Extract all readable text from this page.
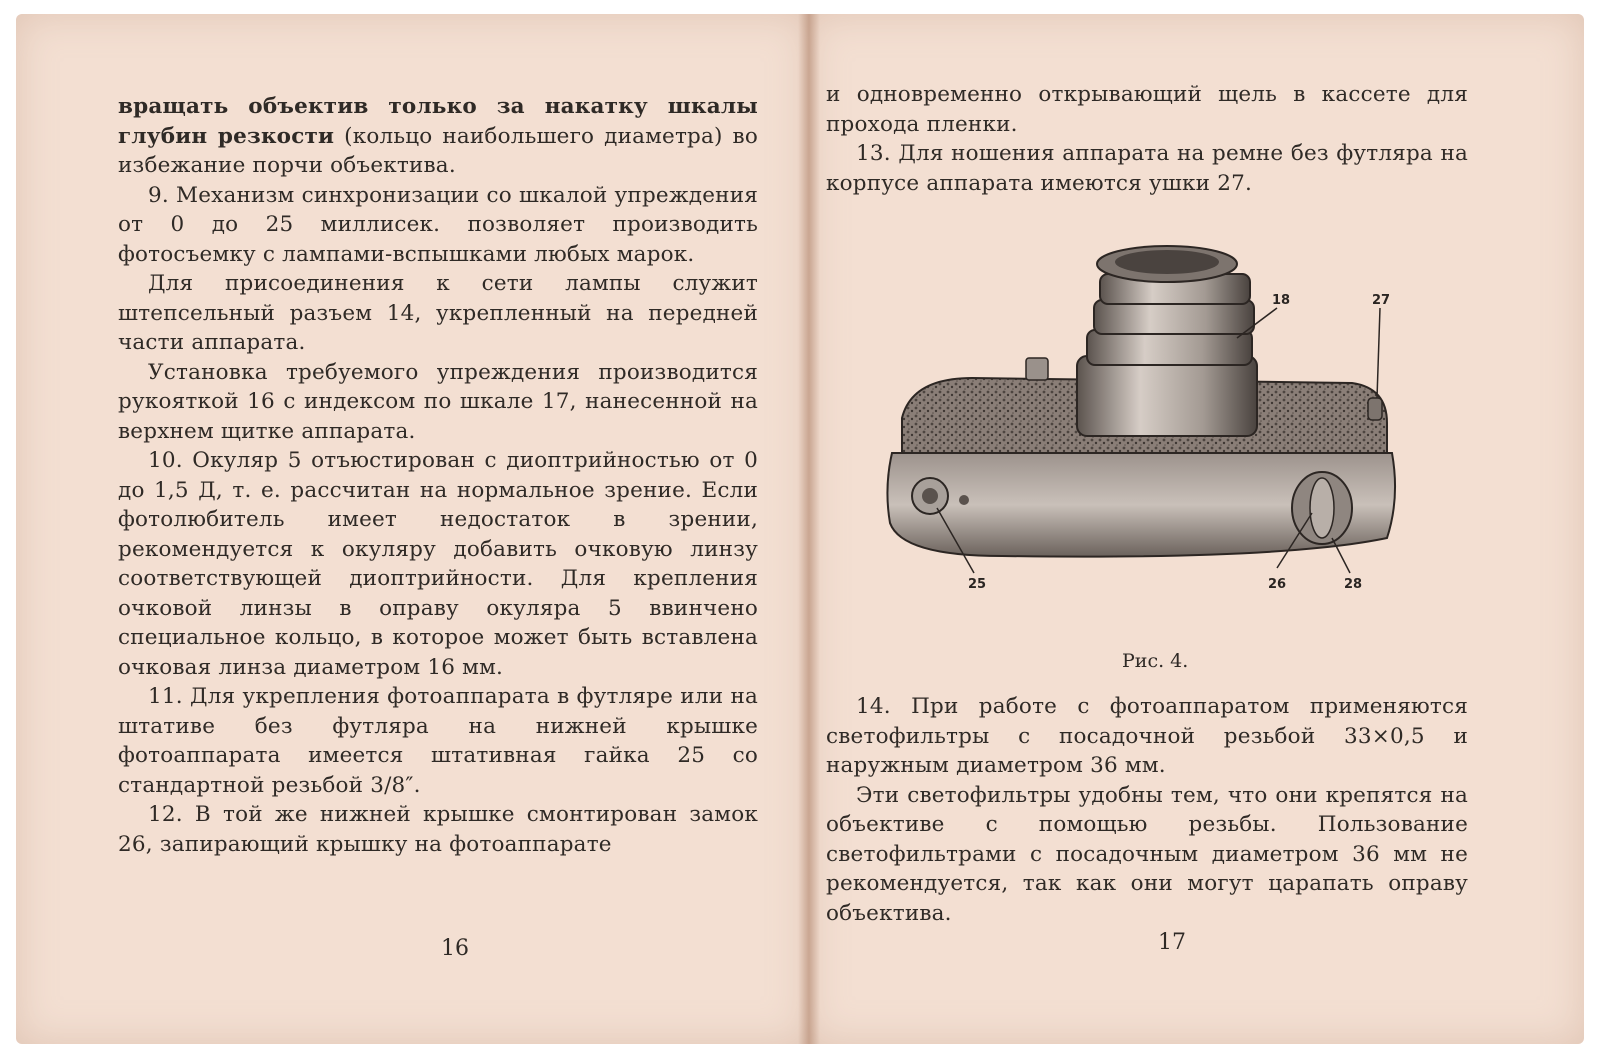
вращать объектив только за накатку шкалы глубин резкости (кольцо наибольшего диаметра) во избежание порчи объектива.

9. Механизм синхронизации со шкалой упреждения от 0 до 25 миллисек. позволяет производить фотосъемку с лампами-вспышками любых марок.

Для присоединения к сети лампы служит штепсельный разъем 14, укрепленный на передней части аппарата.

Установка требуемого упреждения производится рукояткой 16 с индексом по шкале 17, нанесенной на верхнем щитке аппарата.

10. Окуляр 5 отъюстирован с диоптрийностью от 0 до 1,5 Д, т. е. рассчитан на нормальное зрение. Если фотолюбитель имеет недостаток в зрении, рекомендуется к окуляру добавить очковую линзу соответствующей диоптрийности. Для крепления очковой линзы в оправу окуляра 5 ввинчено специальное кольцо, в которое может быть вставлена очковая линза диаметром 16 мм.

11. Для укрепления фотоаппарата в футляре или на штативе без футляра на нижней крышке фотоаппарата имеется штативная гайка 25 со стандартной резьбой 3/8″.

12. В той же нижней крышке смонтирован замок 26, запирающий крышку на фотоаппарате

16

и одновременно открывающий щель в кассете для прохода пленки.

13. Для ношения аппарата на ремне без футляра на корпусе аппарата имеются ушки 27.

18	27
25	26	28
Рис. 4.

14. При работе с фотоаппаратом применяются светофильтры с посадочной резьбой 33×0,5 и наружным диаметром 36 мм.

Эти светофильтры удобны тем, что они крепятся на объективе с помощью резьбы. Пользование светофильтрами с посадочным диаметром 36 мм не рекомендуется, так как они могут царапать оправу объектива.

17
